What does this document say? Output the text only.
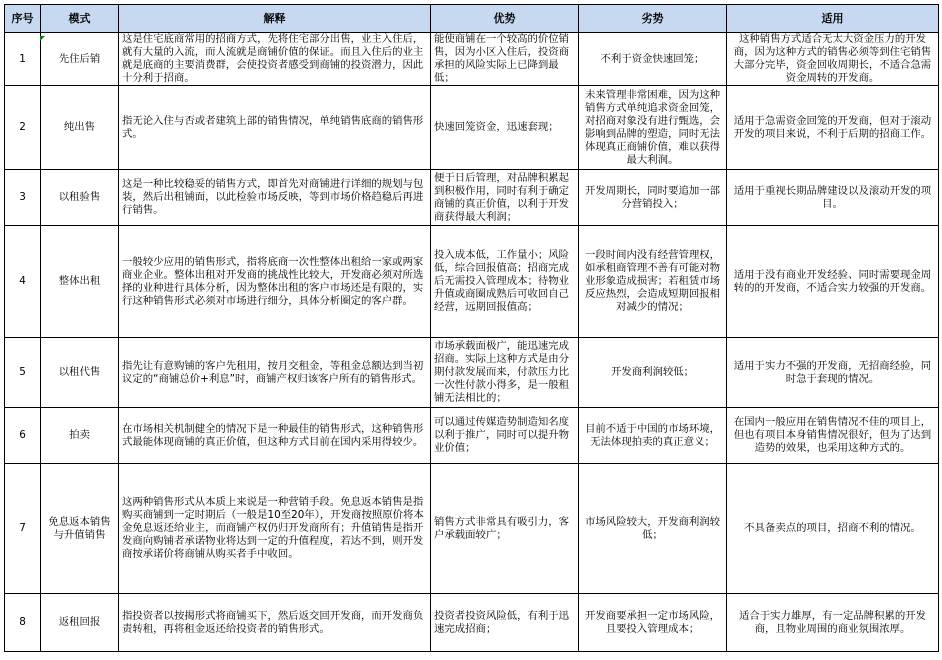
序号	模式	解释	优势	劣势	适用

1	先住后销	这是住宅底商常用的招商方式，先将住宅部分出售，业主入住后，就有大量的入流，而人流就是商铺价值的保证。而且入住后的业主就是底商的主要消费群，会使投资者感受到商铺的投资潜力，因此十分利于招商。	能使商铺在一个较高的价位销售，因为小区入住后，投资商承担的风险实际上已降到最低；	不利于资金快速回笼；	这种销售方式适合无太大资金压力的开发商，因为这种方式的销售必须等到住宅销售大部分完毕，资金回收周期长，不适合急需资金周转的开发商。

2	纯出售	指无论入住与否或者建筑上部的销售情况，单纯销售底商的销售形式。	快速回笼资金，迅速套现；	未来管理非常困难，因为这种销售方式单纯追求资金回笼，对招商对象没有进行甄选，会影响到品牌的塑造，同时无法体现真正商铺价值，难以获得最大利润。	适用于急需资金回笼的开发商，但对于滚动开发的项目来说，不利于后期的招商工作。

3	以租验售	这是一种比较稳妥的销售方式，即首先对商铺进行详细的规划与包装，然后出租铺面，以此检验市场反映，等到市场价格趋稳后再进行销售。	便于日后管理，对品牌积累起到积极作用，同时有利于确定商铺的真正价值，以利于开发商获得最大利润；	开发周期长，同时要追加一部分营销投入；	适用于重视长期品牌建设以及滚动开发的项目。

4	整体出租	一般较少应用的销售形式，指将底商一次性整体出租给一家或两家商业企业。整体出租对开发商的挑战性比较大，开发商必须对所选择的业种进行具体分析，因为整体出租的客户市场还是有限的，实行这种销售形式必须对市场进行细分，具体分析圈定的客户群。	投入成本低，工作量小；风险低，综合回报值高；招商完成后无需投入管理成本；待物业升值或商圈成熟后可收回自己经营，远期回报值高；	一段时间内没有经营管理权，如承租商管理不善有可能对物业形象造成损害；若租赁市场反应热烈，会造成短期回报相对减少的情况；	适用于没有商业开发经验、同时需要现金周转的的开发商，不适合实力较强的开发商。

5	以租代售	指先让有意购铺的客户先租用，按月交租金，等租金总额达到当初议定的“商铺总价+利息”时，商铺产权归该客户所有的销售形式。	市场承载面极广，能迅速完成招商。实际上这种方式是由分期付款发展而来，付款压力比一次性付款小得多，是一般租铺无法相比的；	开发商利润较低；	适用于实力不强的开发商，无招商经验，同时急于套现的情况。

6	拍卖	在市场相关机制健全的情况下是一种最佳的销售形式，这种销售形式最能体现商铺的真正价值，但这种方式目前在国内采用得较少。	可以通过传媒造势制造知名度以利于推广，同时可以提升物业价值；	目前不适于中国的市场环境，无法体现拍卖的真正意义；	在国内一般应用在销售情况不佳的项目上，但也有项目本身销售情况很好，但为了达到造势的效果，也采用这种方式的。

7	免息返本销售与升值销售	这两种销售形式从本质上来说是一种营销手段。免息返本销售是指购买商铺到一定时期后（一般是10至20年），开发商按照原价将本金免息返还给业主，而商铺产权仍归开发商所有；升值销售是指开发商向购铺者承诺物业将达到一定的升值程度，若达不到，则开发商按承诺价将商铺从购买者手中收回。	销售方式非常具有吸引力，客户承载面较广；	市场风险较大，开发商利润较低；	不具备卖点的项目，招商不利的情况。

8	返租回报	指投资者以按揭形式将商铺买下，然后返交回开发商，而开发商负责转租，再将租金返还给投资者的销售形式。	投资者投资风险低，有利于迅速完成招商；	开发商要承担一定市场风险，且要投入管理成本；	适合于实力雄厚，有一定品牌积累的开发商，且物业周围的商业氛围浓厚。
